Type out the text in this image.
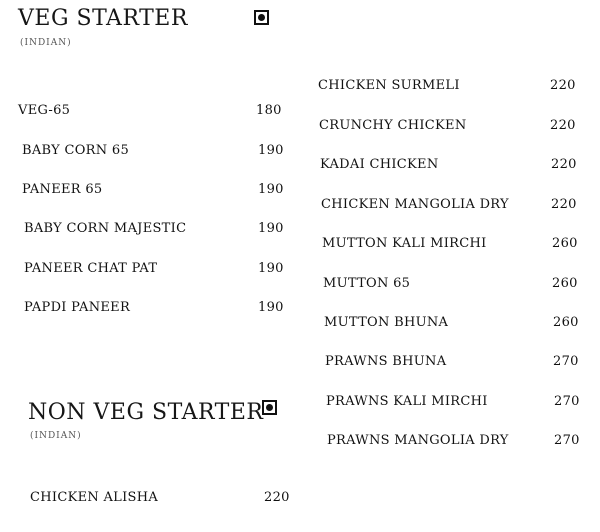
VEG STARTER
(INDIAN)
VEG-65	180
BABY CORN 65	190
PANEER 65	190
BABY CORN MAJESTIC	190
PANEER CHAT PAT	190
PAPDI PANEER	190
NON VEG STARTER
(INDIAN)
CHICKEN ALISHA	220
CHICKEN SURMELI	220
CRUNCHY CHICKEN	220
KADAI CHICKEN	220
CHICKEN MANGOLIA DRY	220
MUTTON KALI MIRCHI	260
MUTTON 65	260
MUTTON BHUNA	260
PRAWNS BHUNA	270
PRAWNS KALI MIRCHI	270
PRAWNS MANGOLIA DRY	270
